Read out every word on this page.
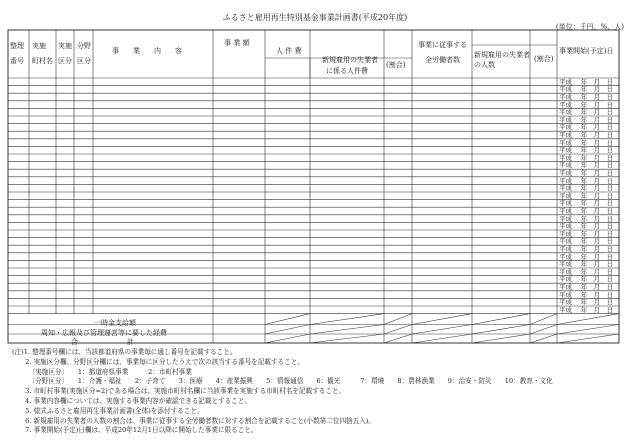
ふるさと雇用再生特別基金事業計画書(平成20年度)
(単位：千円、%、人)
整理
番号
実施
町村名
実施
区分
分野
区分
事　　業　　内　　容
事 業 額
人 件 費
新規雇用の失業者
に係る人件費
(割合)
事業に従事する
全労働者数
新規雇用の失業者
の人数
(割合)
事業開始(予定)日
平成　 年　月　日
平成　 年　月　日
平成　 年　月　日
平成　 年　月　日
平成　 年　月　日
平成　 年　月　日
平成　 年　月　日
平成　 年　月　日
平成　 年　月　日
平成　 年　月　日
平成　 年　月　日
平成　 年　月　日
平成　 年　月　日
平成　 年　月　日
平成　 年　月　日
平成　 年　月　日
平成　 年　月　日
平成　 年　月　日
平成　 年　月　日
平成　 年　月　日
平成　 年　月　日
平成　 年　月　日
平成　 年　月　日
平成　 年　月　日
平成　 年　月　日
平成　 年　月　日
平成　 年　月　日
平成　 年　月　日
平成　 年　月　日
平成　 年　月　日
平成　 年　月　日
一時金支給額
周知・広報及び管理運営等に要した経費
合　　　　　　　計
(注)1. 整理番号欄には、当該都道府県の事業毎に通し番号を記載すること。
　　2. 実施区分欄、分野区分欄には、事業毎に区分したうえで次の該当する番号を記載すること。
　　　〔実施区分〕　　1：都道府県事業　　　2：市町村事業
　　　〔分野区分〕　　1：介護・福祉　　2：子育て　　3：医療　　4：産業振興　　5：情報通信　　6：観光　　　7：環境　　8：農林漁業　　9：治安・防災　　10：教育・文化
　　3. 市町村事業(実施区分=2)である場合は、実施市町村名欄に当該事業を実施する市町村名を記載すること。
　　4. 事業内容欄については、実施する事業内容が確認できる記載とすること。
　　5. 様式ふるさと雇用再生事業計画書(全体)を添付すること。
　　6. 新規雇用の失業者の人数の割合は、事業に従事する全労働者数に対する割合を記載すること(小数第二位四捨五入)。
　　7. 事業開始(予定)日欄は、平成20年12月1日以降に開始した事業に限ること。
